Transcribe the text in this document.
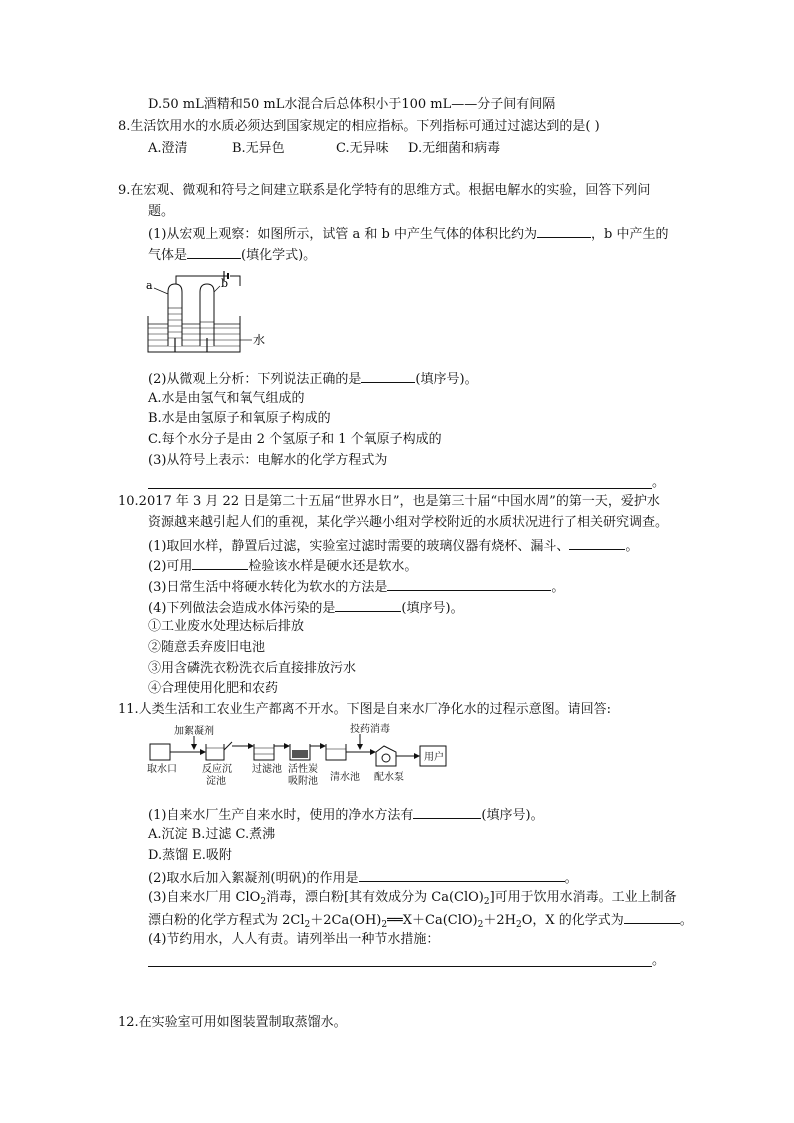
D.50 mL酒精和50 mL水混合后总体积小于100 mL——分子间有间隔
8.生活饮用水的水质必须达到国家规定的相应指标。下列指标可通过过滤达到的是( )
A.澄清	B.无异色	C.无异味 D.无细菌和病毒
9.在宏观、微观和符号之间建立联系是化学特有的思维方式。根据电解水的实验，回答下列问
题。
(1)从宏观上观察：如图所示，试管 a 和 b 中产生气体的体积比约为	，b 中产生的
气体是	(填化学式)。
a	b
水
(2)从微观上分析：下列说法正确的是	(填序号)。
A.水是由氢气和氧气组成的
B.水是由氢原子和氧原子构成的
C.每个水分子是由 2 个氢原子和 1 个氧原子构成的
(3)从符号上表示：电解水的化学方程式为
。
10.2017 年 3 月 22 日是第二十五届“世界水日”，也是第三十届“中国水周”的第一天，爱护水
资源越来越引起人们的重视，某化学兴趣小组对学校附近的水质状况进行了相关研究调查。
(1)取回水样，静置后过滤，实验室过滤时需要的玻璃仪器有烧杯、漏斗、	。
(2)可用	检验该水样是硬水还是软水。
(3)日常生活中将硬水转化为软水的方法是	。
(4)下列做法会造成水体污染的是	(填序号)。
①工业废水处理达标后排放
②随意丢弃废旧电池
③用含磷洗衣粉洗衣后直接排放污水
④合理使用化肥和农药
11.人类生活和工农业生产都离不开水。下图是自来水厂净化水的过程示意图。请回答:
取水口
加絮凝剂
反应沉
淀池
过滤池 活性炭
吸附池 清水池
投药消毒
配水泵
用户
(1)自来水厂生产自来水时，使用的净水方法有	(填序号)。
A.沉淀 B.过滤 C.煮沸
D.蒸馏 E.吸附
(2)取水后加入絮凝剂(明矾)的作用是	。
(3)自来水厂用 ClO$_2$消毒，漂白粉[其有效成分为 $Ca(ClO)_2$]可用于饮用水消毒。工业上制备
漂白粉的化学方程式为 $2Cl_2+2Ca(OH)_2══X+Ca(ClO)_2+2H_2O$，X 的化学式为	。
(4)节约用水，人人有责。请列举出一种节水措施：
。
12.在实验室可用如图装置制取蒸馏水。
